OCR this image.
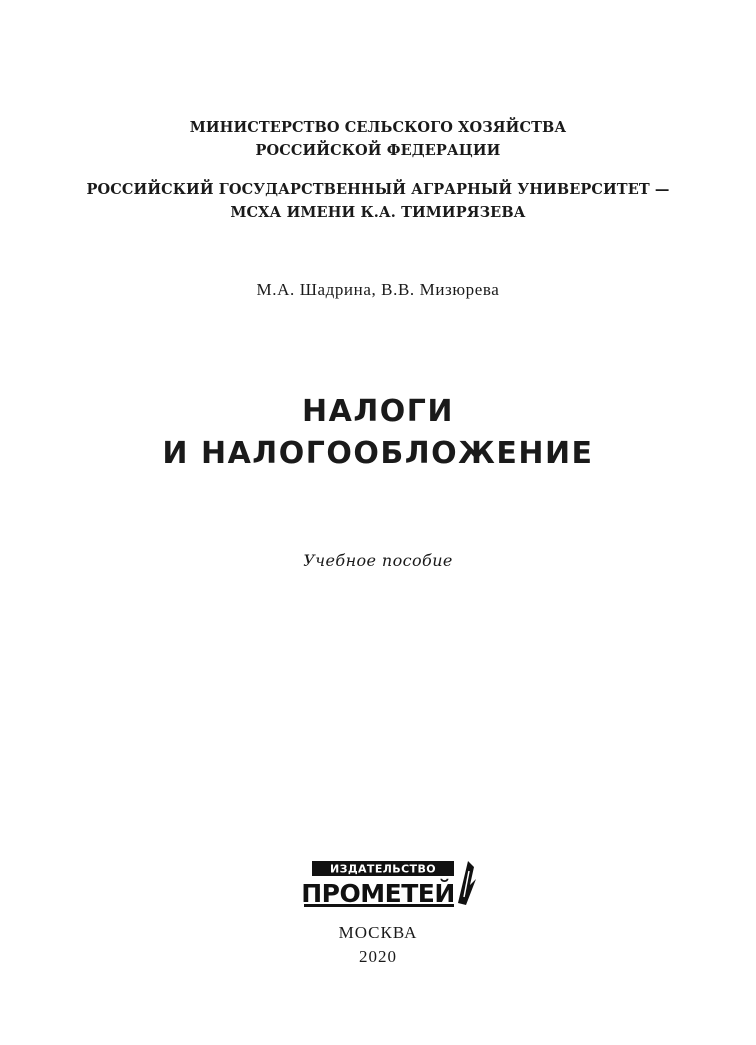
МИНИСТЕРСТВО СЕЛЬСКОГО ХОЗЯЙСТВА
РОССИЙСКОЙ ФЕДЕРАЦИИ
РОССИЙСКИЙ ГОСУДАРСТВЕННЫЙ АГРАРНЫЙ УНИВЕРСИТЕТ —
МСХА ИМЕНИ К.А. ТИМИРЯЗЕВА
М.А. Шадрина, В.В. Мизюрева
НАЛОГИ
И НАЛОГООБЛОЖЕНИЕ
Учебное пособие
ИЗДАТЕЛЬСТВО
ПРОМЕТЕЙ
МОСКВА
2020
